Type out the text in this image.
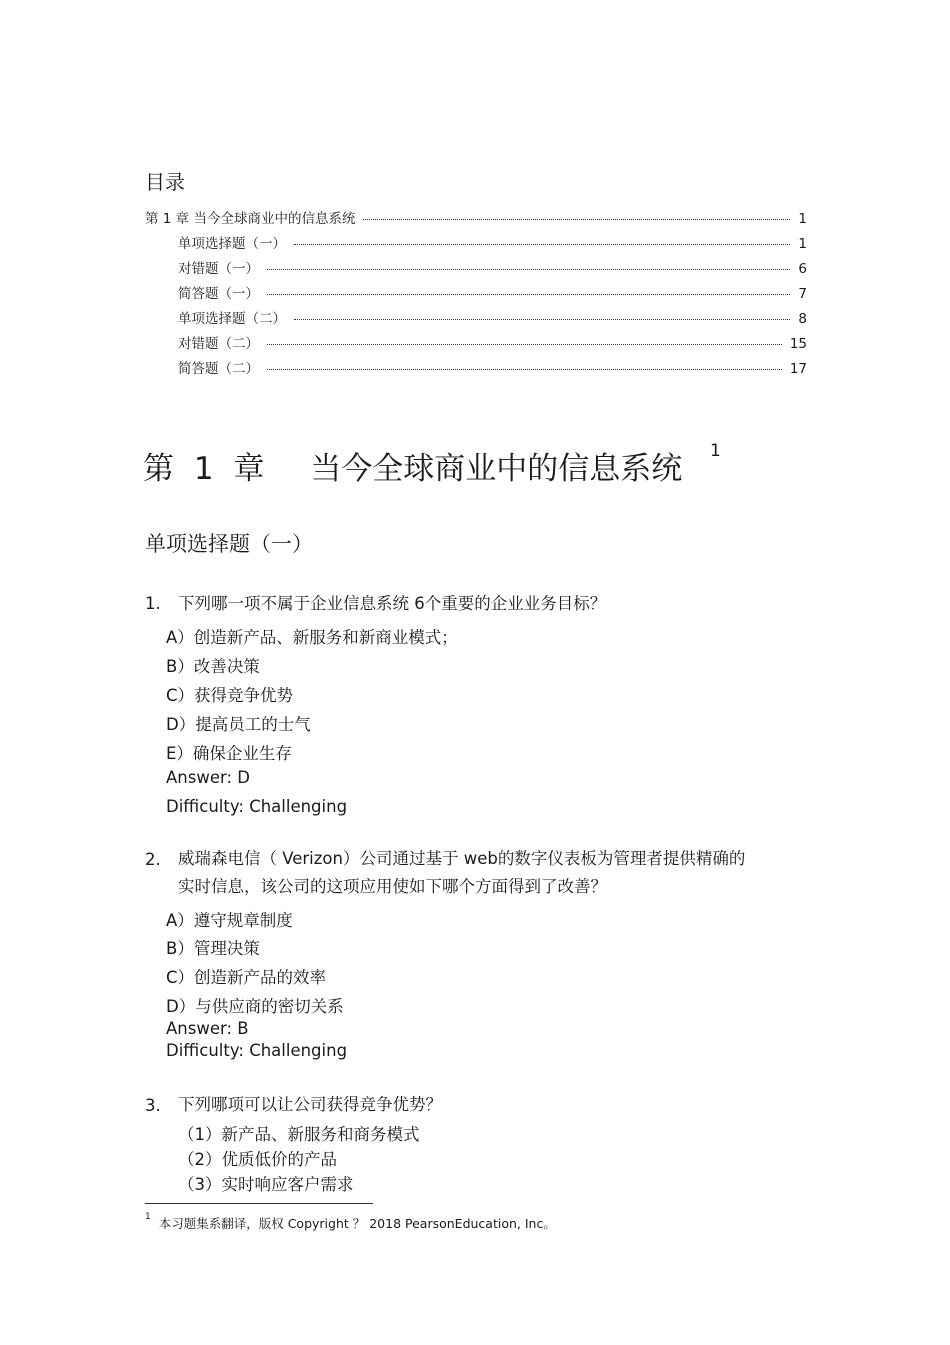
目录
第 1 章 当今全球商业中的信息系统	1
单项选择题（一）	1
对错题（一）	6
简答题（一）	7
单项选择题（二）	8
对错题（二）	15
简答题（二）	17
第 1 章 当今全球商业中的信息系统 1
单项选择题（一）
1. 下列哪一项不属于企业信息系统 6个重要的企业业务目标？
A）创造新产品、新服务和新商业模式；
B）改善决策
C）获得竞争优势
D）提高员工的士气
E）确保企业生存
Answer: D
Difficulty: Challenging
2. 威瑞森电信（ Verizon）公司通过基于 web的数字仪表板为管理者提供精确的
实时信息，该公司的这项应用使如下哪个方面得到了改善？
A）遵守规章制度
B）管理决策
C）创造新产品的效率
D）与供应商的密切关系
Answer: B
Difficulty: Challenging
3. 下列哪项可以让公司获得竞争优势？
（1）新产品、新服务和商务模式
（2）优质低价的产品
（3）实时响应客户需求
$^1$ 本习题集系翻译，版权 Copyright ？ 2018 PearsonEducation, Inc。
